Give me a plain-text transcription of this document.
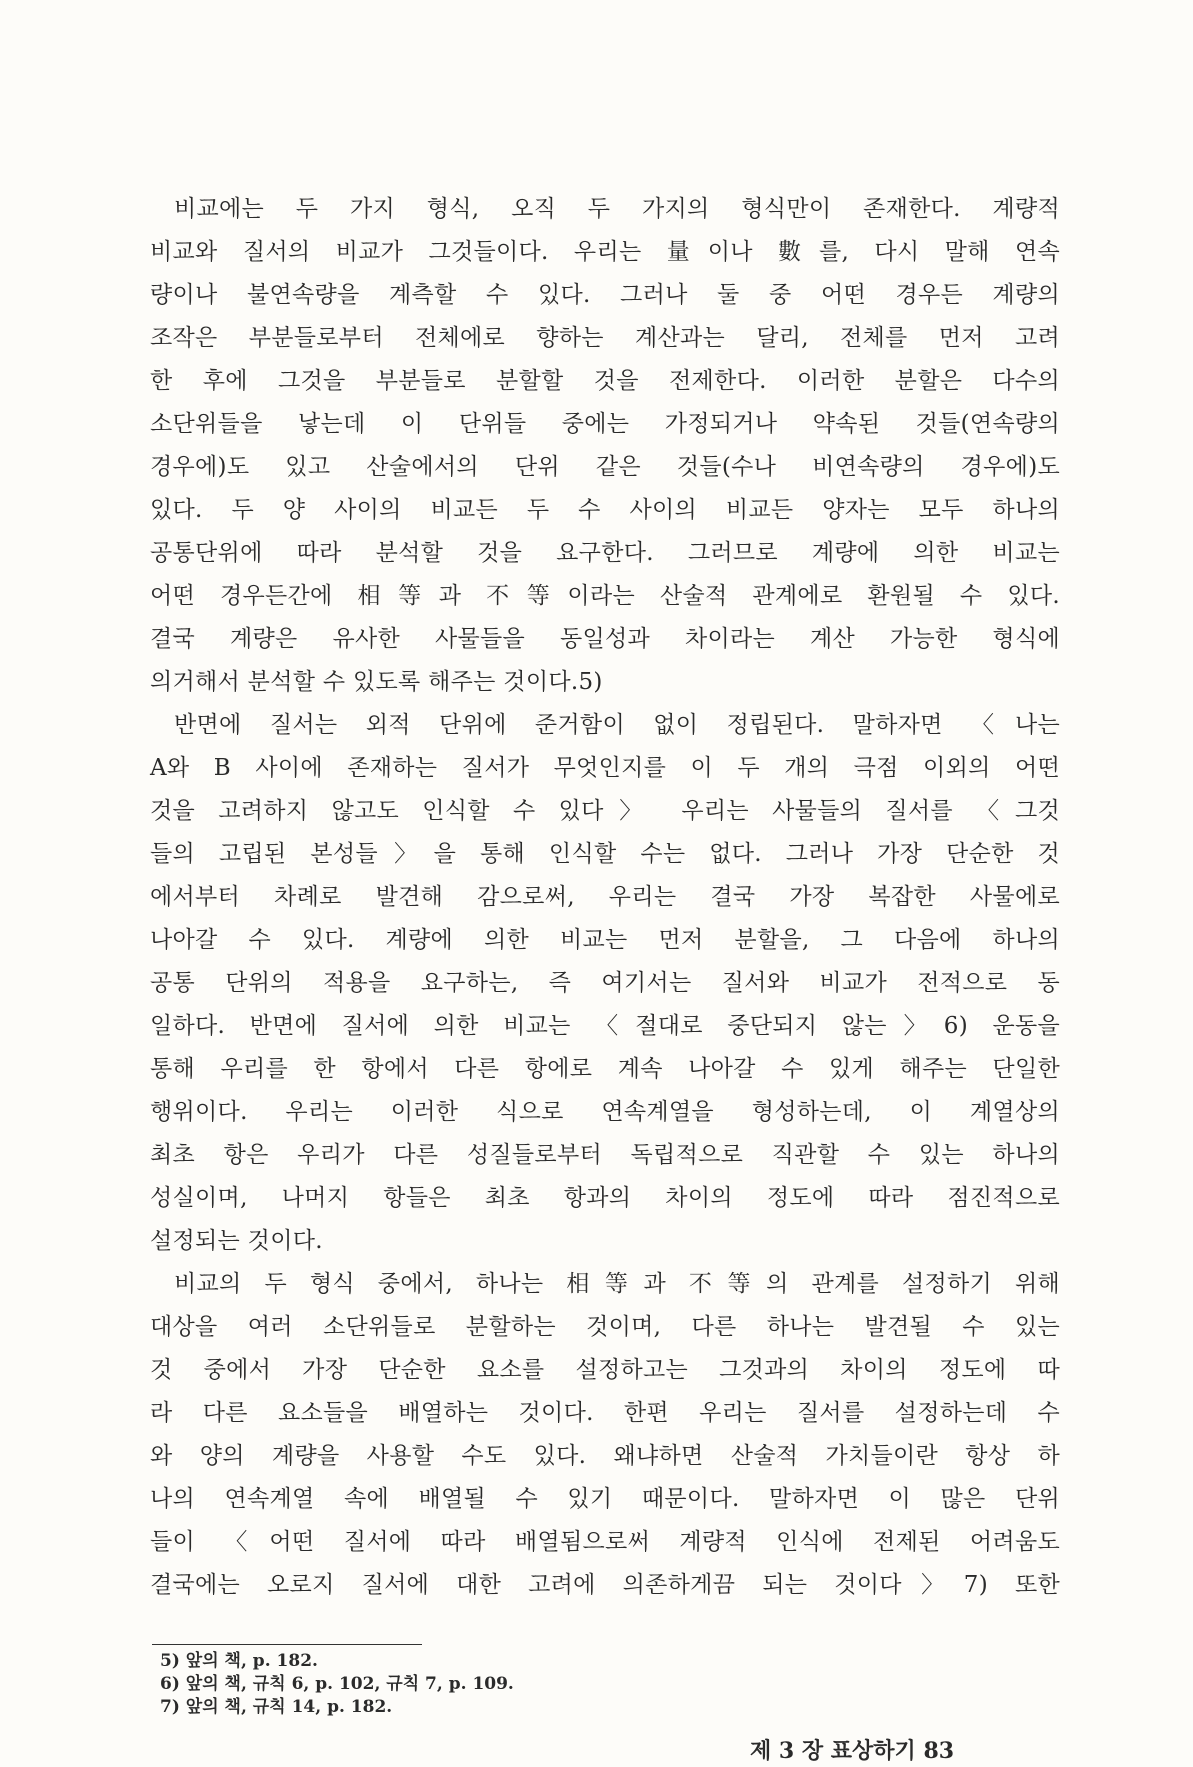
비교에는 두 가지 형식, 오직 두 가지의 형식만이 존재한다. 계량적
비교와 질서의 비교가 그것들이다. 우리는 量이나 數를, 다시 말해 연속
량이나 불연속량을 계측할 수 있다. 그러나 둘 중 어떤 경우든 계량의
조작은 부분들로부터 전체에로 향하는 계산과는 달리, 전체를 먼저 고려
한 후에 그것을 부분들로 분할할 것을 전제한다. 이러한 분할은 다수의
소단위들을 낳는데 이 단위들 중에는 가정되거나 약속된 것들(연속량의
경우에)도 있고 산술에서의 단위 같은 것들(수나 비연속량의 경우에)도
있다. 두 양 사이의 비교든 두 수 사이의 비교든 양자는 모두 하나의
공통단위에 따라 분석할 것을 요구한다. 그러므로 계량에 의한 비교는
어떤 경우든간에 相等과 不等이라는 산술적 관계에로 환원될 수 있다.
결국 계량은 유사한 사물들을 동일성과 차이라는 계산 가능한 형식에
의거해서 분석할 수 있도록 해주는 것이다.5)
반면에 질서는 외적 단위에 준거함이 없이 정립된다. 말하자면 〈나는
A와 B 사이에 존재하는 질서가 무엇인지를 이 두 개의 극점 이외의 어떤
것을 고려하지 않고도 인식할 수 있다〉 우리는 사물들의 질서를 〈그것
들의 고립된 본성들〉을 통해 인식할 수는 없다. 그러나 가장 단순한 것
에서부터 차례로 발견해 감으로써, 우리는 결국 가장 복잡한 사물에로
나아갈 수 있다. 계량에 의한 비교는 먼저 분할을, 그 다음에 하나의
공통 단위의 적용을 요구하는, 즉 여기서는 질서와 비교가 전적으로 동
일하다. 반면에 질서에 의한 비교는 〈절대로 중단되지 않는〉6) 운동을
통해 우리를 한 항에서 다른 항에로 계속 나아갈 수 있게 해주는 단일한
행위이다. 우리는 이러한 식으로 연속계열을 형성하는데, 이 계열상의
최초 항은 우리가 다른 성질들로부터 독립적으로 직관할 수 있는 하나의
성실이며, 나머지 항들은 최초 항과의 차이의 정도에 따라 점진적으로
설정되는 것이다.
비교의 두 형식 중에서, 하나는 相等과 不等의 관계를 설정하기 위해
대상을 여러 소단위들로 분할하는 것이며, 다른 하나는 발견될 수 있는
것 중에서 가장 단순한 요소를 설정하고는 그것과의 차이의 정도에 따
라 다른 요소들을 배열하는 것이다. 한편 우리는 질서를 설정하는데 수
와 양의 계량을 사용할 수도 있다. 왜냐하면 산술적 가치들이란 항상 하
나의 연속계열 속에 배열될 수 있기 때문이다. 말하자면 이 많은 단위
들이 〈어떤 질서에 따라 배열됨으로써 계량적 인식에 전제된 어려움도
결국에는 오로지 질서에 대한 고려에 의존하게끔 되는 것이다〉7) 또한
5) 앞의 책, p. 182.
6) 앞의 책, 규칙 6, p. 102, 규칙 7, p. 109.
7) 앞의 책, 규칙 14, p. 182.
제 3 장 표상하기 83
